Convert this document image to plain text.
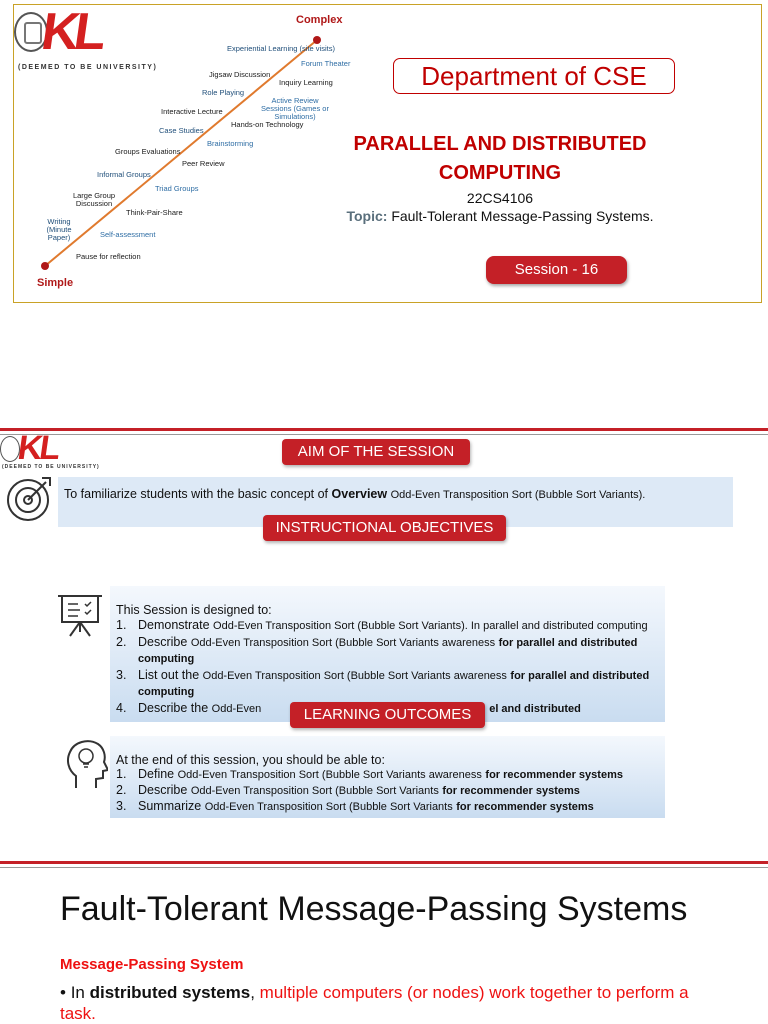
KL
(DEEMED TO BE UNIVERSITY)
Complex
Simple
Experiential Learning (site visits)
Jigsaw Discussion
Role Playing
Interactive Lecture
Case Studies
Groups Evaluations
Informal Groups
Large Group Discussion
Writing (Minute Paper)
Forum Theater
Inquiry Learning
Active Review Sessions (Games or Simulations)
Hands-on Technology
Brainstorming
Peer Review
Triad Groups
Think-Pair-Share
Self-assessment
Pause for reflection
Department of CSE
PARALLEL AND DISTRIBUTED
COMPUTING
22CS4106
Topic: Fault-Tolerant Message-Passing Systems.
Session - 16
KL
(DEEMED TO BE UNIVERSITY)
AIM OF THE SESSION
To familiarize students with the basic concept of Overview Odd-Even Transposition Sort (Bubble Sort Variants).
INSTRUCTIONAL OBJECTIVES
This Session is designed to:
1. Demonstrate Odd-Even Transposition Sort (Bubble Sort Variants). In parallel and distributed computing
2. Describe Odd-Even Transposition Sort (Bubble Sort Variants awareness for parallel and distributed computing
3. List out the Odd-Even Transposition Sort (Bubble Sort Variants awareness for parallel and distributed computing
4. Describe the Odd-Even	el and distributed
LEARNING OUTCOMES
At the end of this session, you should be able to:
1. Define Odd-Even Transposition Sort (Bubble Sort Variants awareness for recommender systems
2. Describe Odd-Even Transposition Sort (Bubble Sort Variants for recommender systems
3. Summarize Odd-Even Transposition Sort (Bubble Sort Variants for recommender systems
Fault-Tolerant Message-Passing Systems
Message-Passing System
• In distributed systems, multiple computers (or nodes) work together to perform a task.
